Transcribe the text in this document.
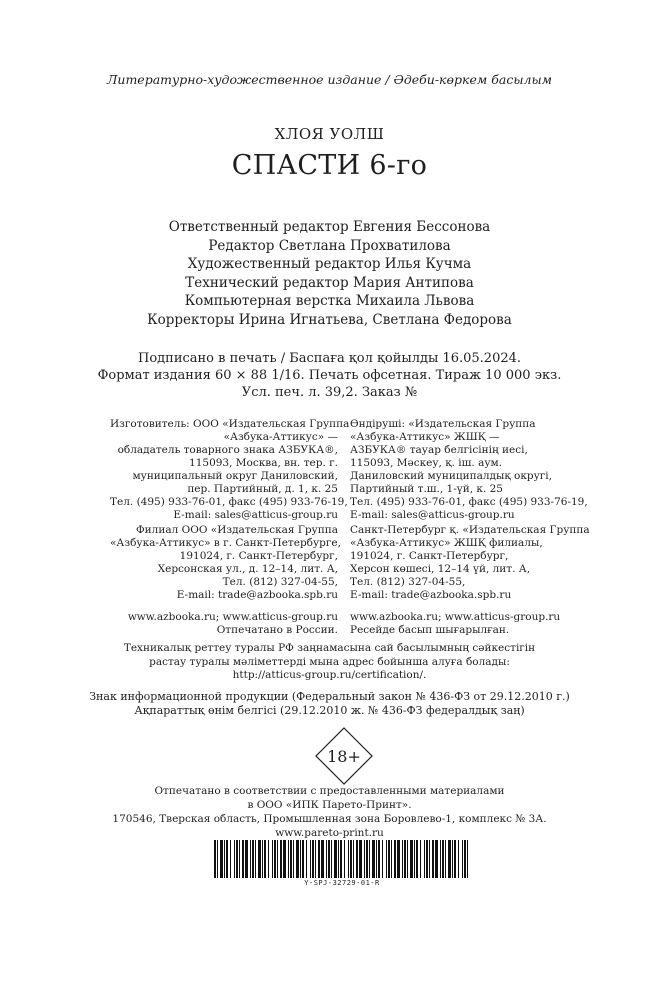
Литературно-художественное издание / Әдеби-көркем басылым
ХЛОЯ УОЛШ
СПАСТИ 6-го
Ответственный редактор Евгения Бессонова
Редактор Светлана Прохватилова
Художественный редактор Илья Кучма
Технический редактор Мария Антипова
Компьютерная верстка Михаила Львова
Корректоры Ирина Игнатьева, Светлана Федорова
Подписано в печать / Баспаға қол қойылды 16.05.2024.
Формат издания 60 × 88 1/16. Печать офсетная. Тираж 10 000 экз.
Усл. печ. л. 39,2. Заказ №
Изготовитель: ООО «Издательская Группа
«Азбука-Аттикус» —
обладатель товарного знака АЗБУКА®,
115093, Москва, вн. тер. г.
муниципальный округ Даниловский,
пер. Партийный, д. 1, к. 25
Тел. (495) 933-76-01, факс (495) 933-76-19,
E-mail: sales@atticus-group.ru
Өндіруші: «Издательская Группа
«Азбука-Аттикус» ЖШҚ —
АЗБУКА® тауар белгісінің иесі,
115093, Мәскеу, қ. іш. аум.
Даниловский муниципалдық округі,
Партийный т.ш., 1-үй, к. 25
Тел. (495) 933-76-01, факс (495) 933-76-19,
E-mail: sales@atticus-group.ru
Филиал ООО «Издательская Группа
«Азбука-Аттикус» в г. Санкт-Петербурге,
191024, г. Санкт-Петербург,
Херсонская ул., д. 12–14, лит. А,
Тел. (812) 327-04-55,
E-mail: trade@azbooka.spb.ru
Санкт-Петербург қ. «Издательская Группа
«Азбука-Аттикус» ЖШҚ филиалы,
191024, г. Санкт-Петербург,
Херсон көшесі, 12–14 үй, лит. А,
Тел. (812) 327-04-55,
E-mail: trade@azbooka.spb.ru
www.azbooka.ru; www.atticus-group.ru
Отпечатано в России.
www.azbooka.ru; www.atticus-group.ru
Ресейде басып шығарылған.
Техникалық реттеу туралы РФ заңнамасына сай басылымның сәйкестігін
растау туралы мәліметтерді мына адрес бойынша алуға болады:
http://atticus-group.ru/certification/.
Знак информационной продукции (Федеральный закон № 436-ФЗ от 29.12.2010 г.)
Ақпараттық өнім белгісі (29.12.2010 ж. № 436-ФЗ федералдық заң)
18+
Отпечатано в соответствии с предоставленными материалами
в ООО «ИПК Парето-Принт».
170546, Тверская область, Промышленная зона Боровлево-1, комплекс № 3А.
www.pareto-print.ru
Y-SPJ-32729-01-R
